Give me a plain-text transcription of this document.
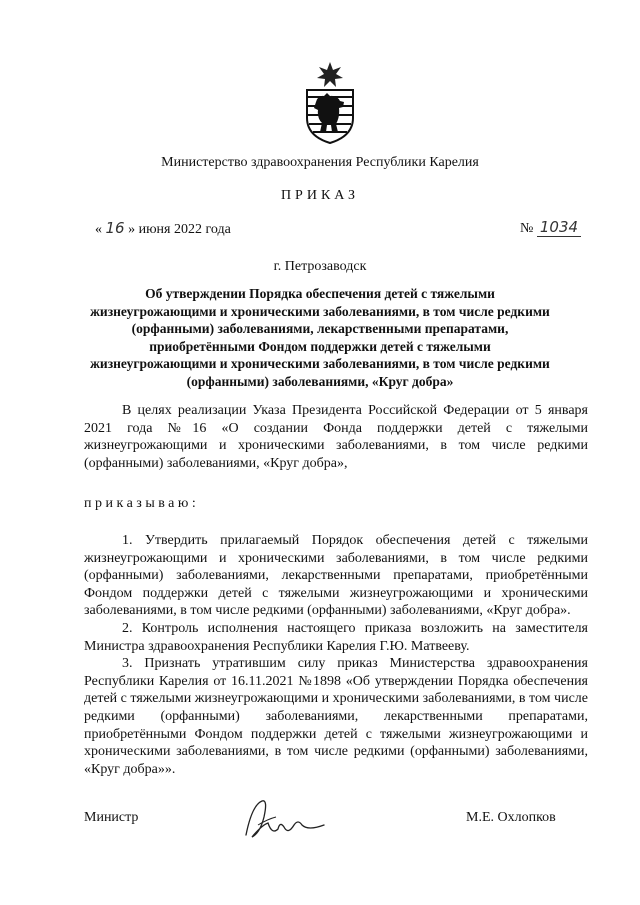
Министерство здравоохранения Республики Карелия
ПРИКАЗ
« 16 » июня 2022 года	№ 1034
г. Петрозаводск
Об утверждении Порядка обеспечения детей с тяжелыми жизнеугрожающими и хроническими заболеваниями, в том числе редкими (орфанными) заболеваниями, лекарственными препаратами, приобретёнными Фондом поддержки детей с тяжелыми жизнеугрожающими и хроническими заболеваниями, в том числе редкими (орфанными) заболеваниями, «Круг добра»

В целях реализации Указа Президента Российской Федерации от 5 января 2021 года №16 «О создании Фонда поддержки детей с тяжелыми жизнеугрожающими и хроническими заболеваниями, в том числе редкими (орфанными) заболеваниями, «Круг добра»,

приказываю:

1. Утвердить прилагаемый Порядок обеспечения детей с тяжелыми жизнеугрожающими и хроническими заболеваниями, в том числе редкими (орфанными) заболеваниями, лекарственными препаратами, приобретёнными Фондом поддержки детей с тяжелыми жизнеугрожающими и хроническими заболеваниями, в том числе редкими (орфанными) заболеваниями, «Круг добра».

2. Контроль исполнения настоящего приказа возложить на заместителя Министра здравоохранения Республики Карелия Г.Ю. Матвееву.

3. Признать утратившим силу приказ Министерства здравоохранения Республики Карелия от 16.11.2021 №1898 «Об утверждении Порядка обеспечения детей с тяжелыми жизнеугрожающими и хроническими заболеваниями, в том числе редкими (орфанными) заболеваниями, лекарственными препаратами, приобретёнными Фондом поддержки детей с тяжелыми жизнеугрожающими и хроническими заболеваниями, в том числе редкими (орфанными) заболеваниями, «Круг добра»».

Министр	М.Е. Охлопков
